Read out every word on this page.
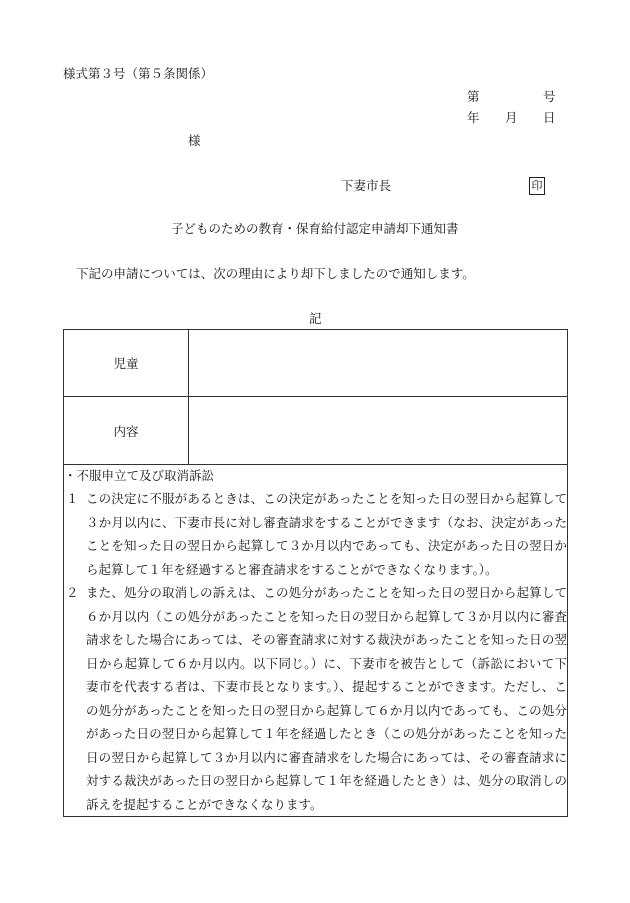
様式第３号（第５条関係）
第	号
年 月 日
様
下妻市長	印
子どものための教育・保育給付認定申請却下通知書
下記の申請については、次の理由により却下しましたので通知します。
記
児童	
内容	

・不服申立て及び取消訴訟
１ この決定に不服があるときは、この決定があったことを知った日の翌日から起算して３か月以内に、下妻市長に対し審査請求をすることができます（なお、決定があったことを知った日の翌日から起算して３か月以内であっても、決定があった日の翌日から起算して１年を経過すると審査請求をすることができなくなります。）。
２ また、処分の取消しの訴えは、この処分があったことを知った日の翌日から起算して６か月以内（この処分があったことを知った日の翌日から起算して３か月以内に審査請求をした場合にあっては、その審査請求に対する裁決があったことを知った日の翌日から起算して６か月以内。以下同じ。）に、下妻市を被告として（訴訟において下妻市を代表する者は、下妻市長となります。）、提起することができます。ただし、この処分があったことを知った日の翌日から起算して６か月以内であっても、この処分があった日の翌日から起算して１年を経過したとき（この処分があったことを知った日の翌日から起算して３か月以内に審査請求をした場合にあっては、その審査請求に対する裁決があった日の翌日から起算して１年を経過したとき）は、処分の取消しの訴えを提起することができなくなります。	
